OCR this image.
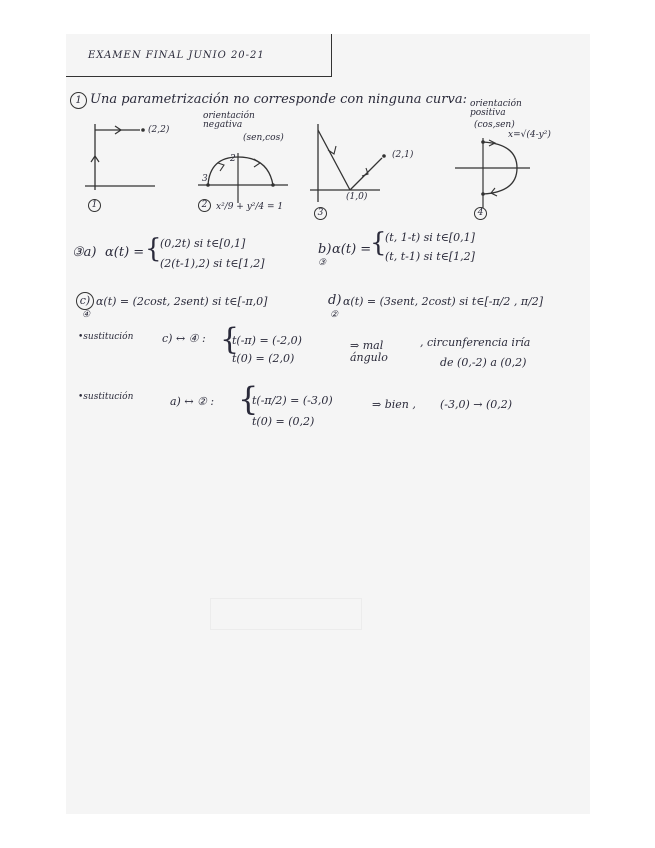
EXAMEN FINAL JUNIO 20-21
1 Una parametrización no corresponde con ninguna curva:
(2,2)
1
orientación negativa
(sen,cos)
2
3
2 x²/9 + y²/4 = 1
(2,1)
(1,0)
3
orientación positiva
(cos,sen)
x=√(4-y²)
4
③a) α(t) = {
(0,2t) si t∈[0,1]
(2(t-1),2) si t∈[1,2]
b) α(t) =
③
{
(t, 1-t) si t∈[0,1]
(t, t-1) si t∈[1,2]
c) α(t) = (2cost, 2sent) si t∈[-π,0]
④
d) α(t) = (3sent, 2cost) si t∈[-π/2 , π/2]
②
•sustitución	c) ↔ ④ : {
t(-π) = (-2,0)
t(0) = (2,0)
⇒ mal ángulo
, circunferencia iría
de (0,-2) a (0,2)
•sustitución	a) ↔ ② : {
t(-π/2) = (-3,0)
t(0) = (0,2)
⇒ bien , (-3,0) → (0,2)
